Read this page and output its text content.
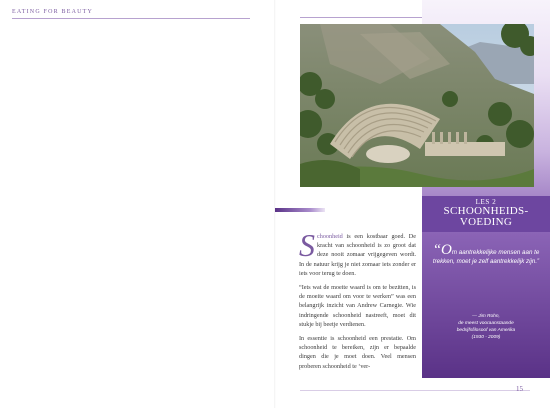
EATING FOR BEAUTY
LES 2
SCHOONHEIDS-
VOEDING

Schoonheid is een kostbaar goed. De kracht van schoonheid is zo groot dat deze nooit zomaar vrijgegeven wordt. In de natuur krijg je niet zomaar iets zonder er iets voor terug te doen.

“Iets wat de moeite waard is om te bezitten, is de moeite waard om voor te werken” was een belangrijk inzicht van Andrew Carnegie. Wie indringende schoonheid nastreeft, moet dit stukje bij beetje verdienen.

In essentie is schoonheid een prestatie. Om schoonheid te bereiken, zijn er bepaalde dingen die je moet doen. Veel mensen proberen schoonheid te ‘ver-

“Om aantrekkelijke mensen aan te trekken, moet je zelf aantrekkelijk zijn.”
— Jim Rohn,
de meest vooraanstaande
bedrijfsfilosoof van Amerika
(1930 - 2009)
15
